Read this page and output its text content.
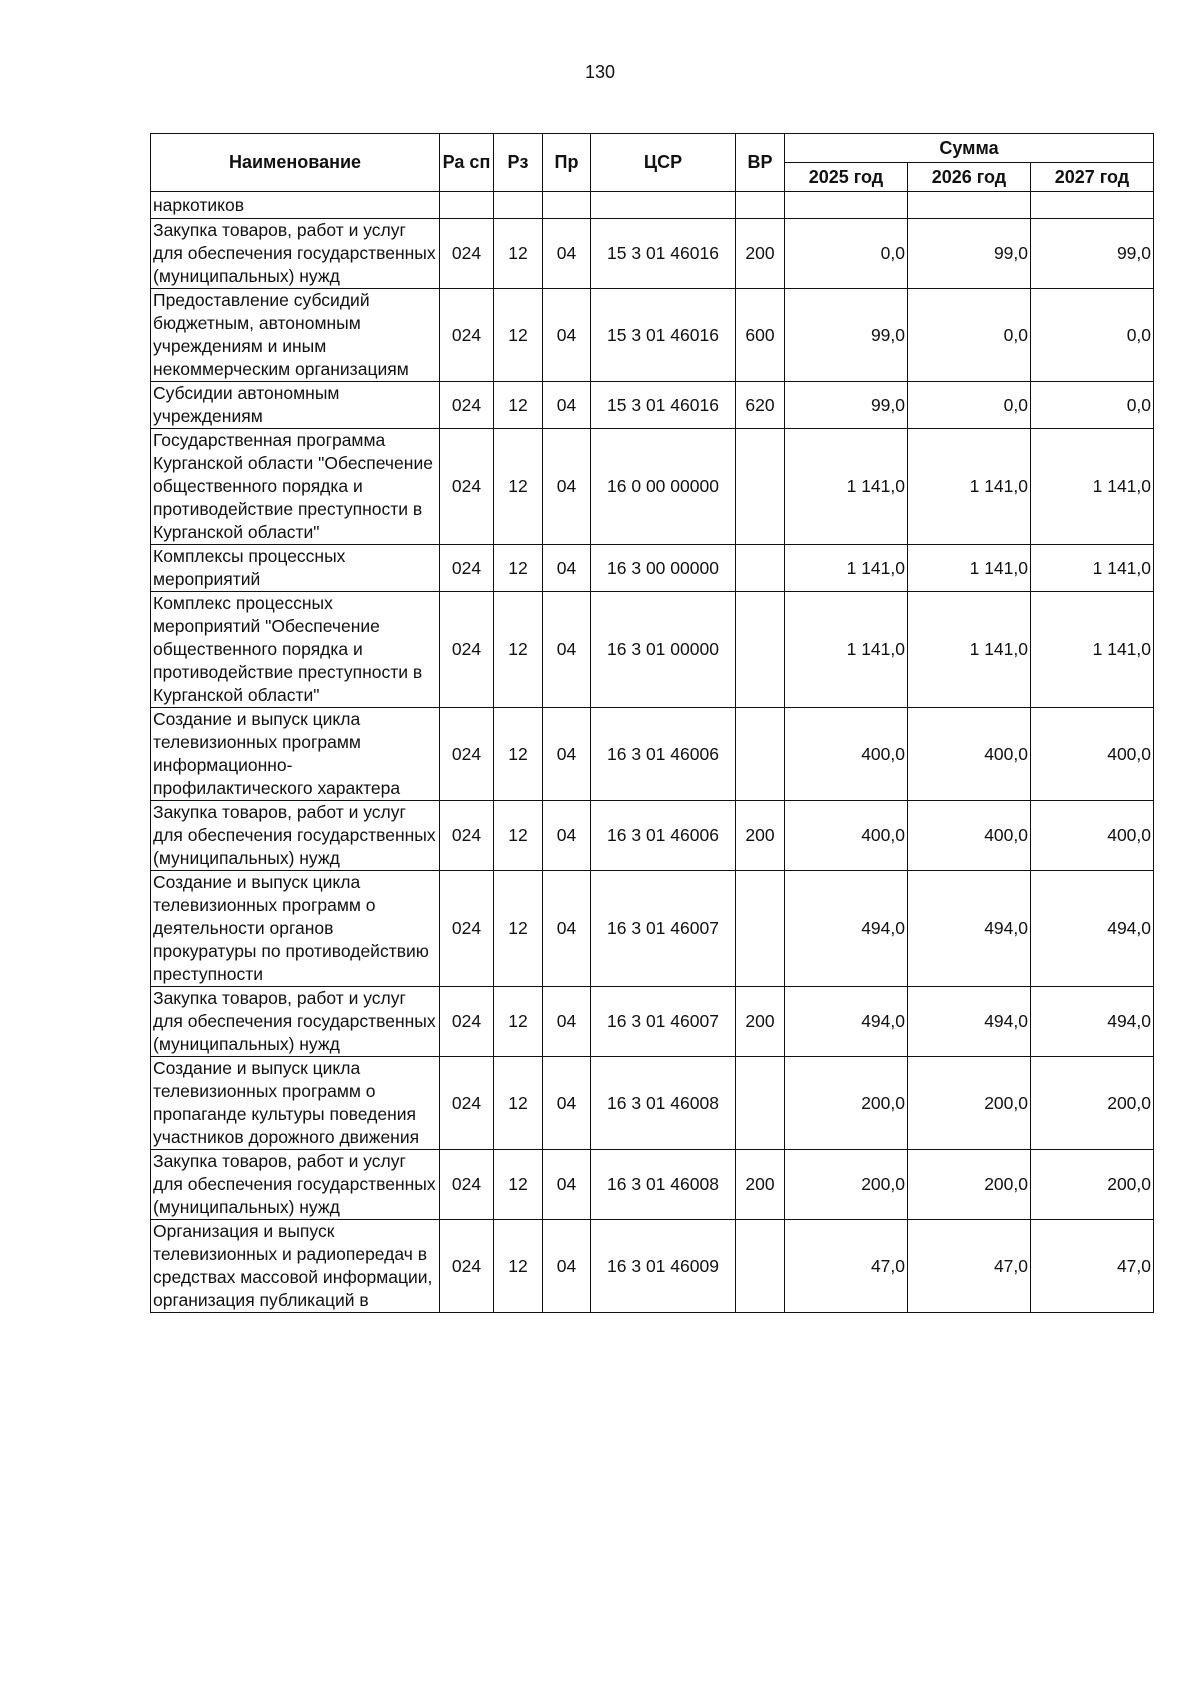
130
Наименование	Ра сп	Рз	Пр	ЦСР	ВР	Сумма		
						2025 год	2026 год	2027 год
наркотиков								
Закупка товаров, работ и услуг для обеспечения государственных (муниципальных) нужд	024	12	04	15 3 01 46016	200	0,0	99,0	99,0
Предоставление субсидий бюджетным, автономным учреждениям и иным некоммерческим организациям	024	12	04	15 3 01 46016	600	99,0	0,0	0,0
Субсидии автономным учреждениям	024	12	04	15 3 01 46016	620	99,0	0,0	0,0
Государственная программа Курганской области "Обеспечение общественного порядка и противодействие преступности в Курганской области"	024	12	04	16 0 00 00000		1 141,0	1 141,0	1 141,0
Комплексы процессных мероприятий	024	12	04	16 3 00 00000		1 141,0	1 141,0	1 141,0
Комплекс процессных мероприятий "Обеспечение общественного порядка и противодействие преступности в Курганской области"	024	12	04	16 3 01 00000		1 141,0	1 141,0	1 141,0
Создание и выпуск цикла телевизионных программ информационно-профилактического характера	024	12	04	16 3 01 46006		400,0	400,0	400,0
Закупка товаров, работ и услуг для обеспечения государственных (муниципальных) нужд	024	12	04	16 3 01 46006	200	400,0	400,0	400,0
Создание и выпуск цикла телевизионных программ о деятельности органов прокуратуры по противодействию преступности	024	12	04	16 3 01 46007		494,0	494,0	494,0
Закупка товаров, работ и услуг для обеспечения государственных (муниципальных) нужд	024	12	04	16 3 01 46007	200	494,0	494,0	494,0
Создание и выпуск цикла телевизионных программ о пропаганде культуры поведения участников дорожного движения	024	12	04	16 3 01 46008		200,0	200,0	200,0
Закупка товаров, работ и услуг для обеспечения государственных (муниципальных) нужд	024	12	04	16 3 01 46008	200	200,0	200,0	200,0
Организация и выпуск телевизионных и радиопередач в средствах массовой информации, организация публикаций в	024	12	04	16 3 01 46009		47,0	47,0	47,0
